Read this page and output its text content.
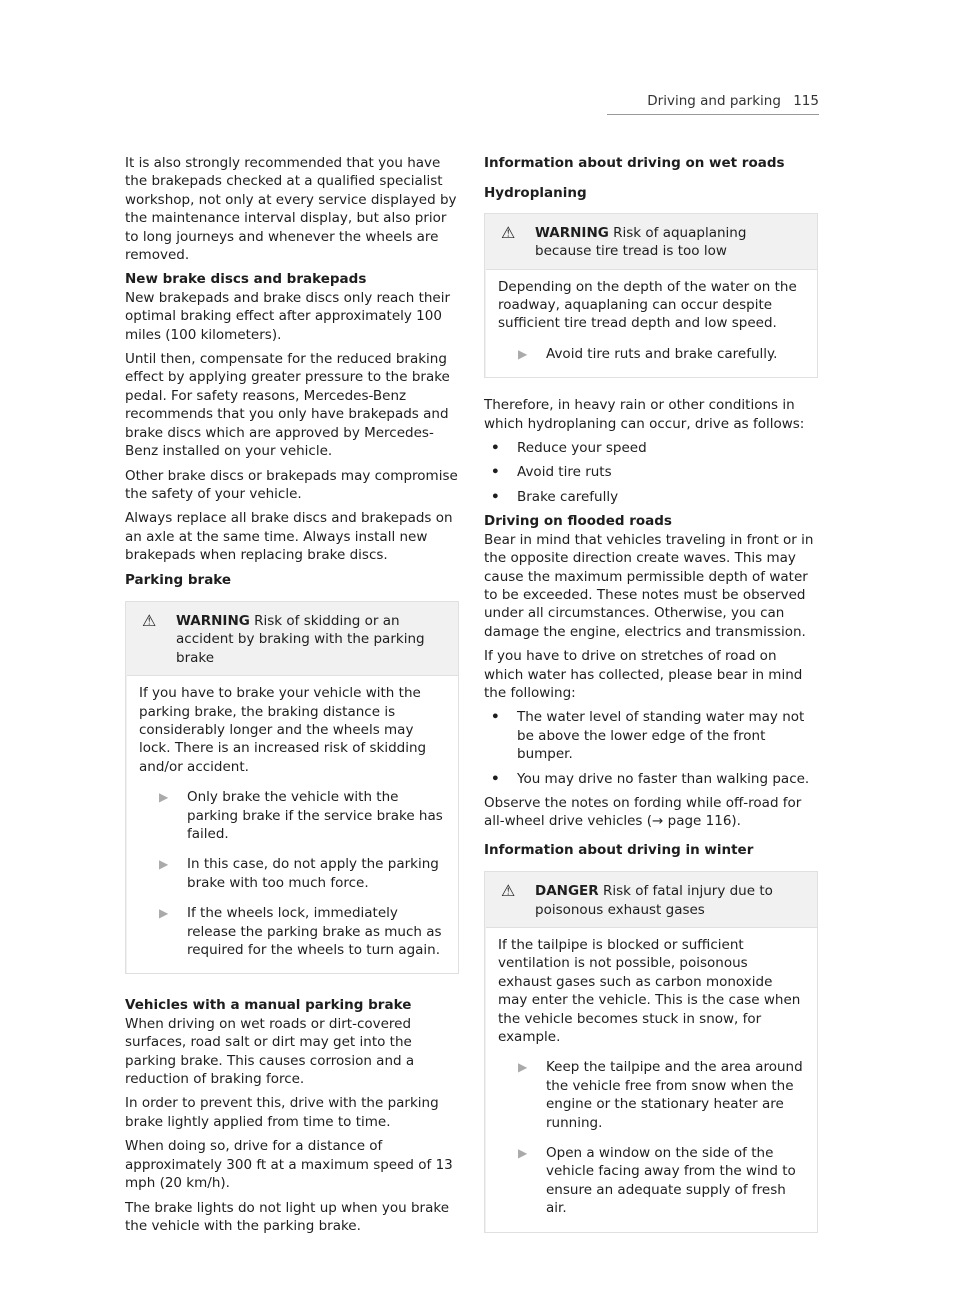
Driving and parking 115

It is also strongly recommended that you have the brakepads checked at a qualified specialist workshop, not only at every service displayed by the maintenance interval display, but also prior to long journeys and whenever the wheels are removed.

New brake discs and brakepads

New brakepads and brake discs only reach their optimal braking effect after approximately 100 miles (100 kilometers).

Until then, compensate for the reduced braking effect by applying greater pressure to the brake pedal. For safety reasons, Mercedes-Benz recommends that you only have brakepads and brake discs which are approved by Mercedes-Benz installed on your vehicle.

Other brake discs or brakepads may compromise the safety of your vehicle.

Always replace all brake discs and brakepads on an axle at the same time. Always install new brakepads when replacing brake discs.

Parking brake

⚠	WARNING Risk of skidding or an accident by braking with the parking brake

If you have to brake your vehicle with the parking brake, the braking distance is considerably longer and the wheels may lock. There is an increased risk of skidding and/or accident.

▶	Only brake the vehicle with the parking brake if the service brake has failed.
▶	In this case, do not apply the parking brake with too much force.
▶	If the wheels lock, immediately release the parking brake as much as required for the wheels to turn again.

Vehicles with a manual parking brake

When driving on wet roads or dirt-covered surfaces, road salt or dirt may get into the parking brake. This causes corrosion and a reduction of braking force.

In order to prevent this, drive with the parking brake lightly applied from time to time.

When doing so, drive for a distance of approximately 300 ft at a maximum speed of 13 mph (20 km/h).

The brake lights do not light up when you brake the vehicle with the parking brake.

Information about driving on wet roads

Hydroplaning

⚠	WARNING Risk of aquaplaning because tire tread is too low

Depending on the depth of the water on the roadway, aquaplaning can occur despite sufficient tire tread depth and low speed.

▶	Avoid tire ruts and brake carefully.

Therefore, in heavy rain or other conditions in which hydroplaning can occur, drive as follows:

•	Reduce your speed
•	Avoid tire ruts
•	Brake carefully

Driving on flooded roads

Bear in mind that vehicles traveling in front or in the opposite direction create waves. This may cause the maximum permissible depth of water to be exceeded. These notes must be observed under all circumstances. Otherwise, you can damage the engine, electrics and transmission.

If you have to drive on stretches of road on which water has collected, please bear in mind the following:

•	The water level of standing water may not be above the lower edge of the front bumper.
•	You may drive no faster than walking pace.

Observe the notes on fording while off-road for all-wheel drive vehicles (→ page 116).

Information about driving in winter

⚠	DANGER Risk of fatal injury due to poisonous exhaust gases

If the tailpipe is blocked or sufficient ventilation is not possible, poisonous exhaust gases such as carbon monoxide may enter the vehicle. This is the case when the vehicle becomes stuck in snow, for example.

▶	Keep the tailpipe and the area around the vehicle free from snow when the engine or the stationary heater are running.
▶	Open a window on the side of the vehicle facing away from the wind to ensure an adequate supply of fresh air.
